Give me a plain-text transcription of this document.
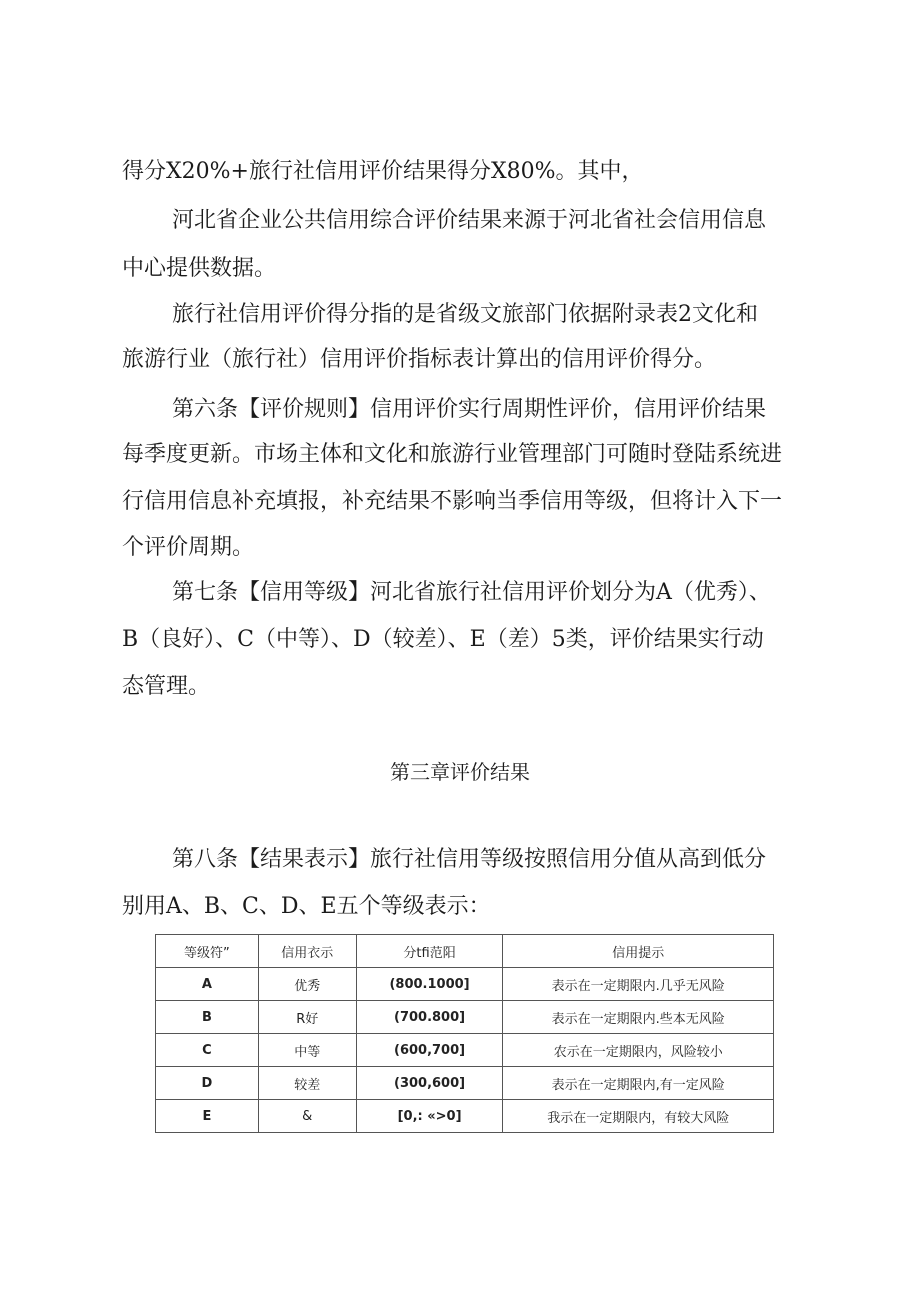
得分X20%+旅行社信用评价结果得分X80%。其中，
河北省企业公共信用综合评价结果来源于河北省社会信用信息
中心提供数据。
旅行社信用评价得分指的是省级文旅部门依据附录表2文化和
旅游行业（旅行社）信用评价指标表计算出的信用评价得分。
第六条【评价规则】信用评价实行周期性评价，信用评价结果
每季度更新。市场主体和文化和旅游行业管理部门可随时登陆系统进
行信用信息补充填报，补充结果不影响当季信用等级，但将计入下一
个评价周期。
第七条【信用等级】河北省旅行社信用评价划分为A（优秀）、
B（良好）、C（中等）、D（较差）、E（差）5类，评价结果实行动
态管理。
第三章评价结果
第八条【结果表示】旅行社信用等级按照信用分值从高到低分
别用A、B、C、D、E五个等级表示：
等级符”	信用衣示	分tfi范阳	信用提示
A	优秀	(800.1000]	表示在一定期限内.几乎无风险
B	R好	(700.800]	表示在一定期限内.些本无风险
C	中等	(600,700]	农示在一定期限内，风险较小
D	较差	(300,600]	表示在一定期限内,有一定风险
E	&	[0,: «>0]	我示在一定期限内，有较大风险
